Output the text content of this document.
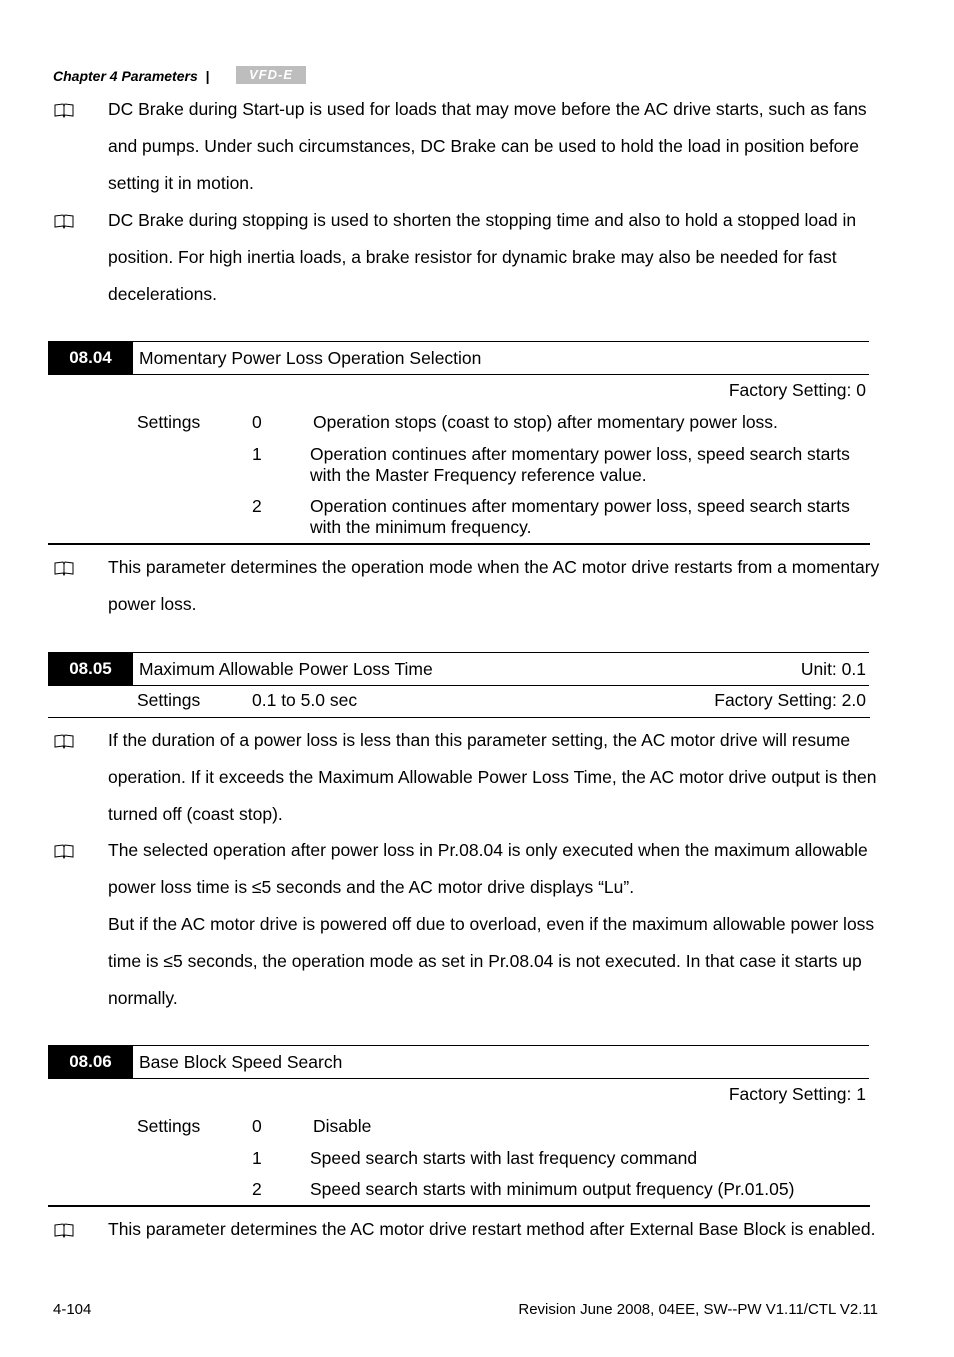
Chapter 4 Parameters |	VFD-E
DC Brake during Start-up is used for loads that may move before the AC drive starts, such as fans and pumps. Under such circumstances, DC Brake can be used to hold the load in position before setting it in motion.
DC Brake during stopping is used to shorten the stopping time and also to hold a stopped load in position. For high inertia loads, a brake resistor for dynamic brake may also be needed for fast decelerations.
08.04	Momentary Power Loss Operation Selection
Factory Setting: 0
Settings	0	Operation stops (coast to stop) after momentary power loss.
1	Operation continues after momentary power loss, speed search starts with the Master Frequency reference value.
2	Operation continues after momentary power loss, speed search starts with the minimum frequency.
This parameter determines the operation mode when the AC motor drive restarts from a momentary power loss.
08.05	Maximum Allowable Power Loss Time	Unit: 0.1
Settings	0.1 to 5.0 sec	Factory Setting: 2.0
If the duration of a power loss is less than this parameter setting, the AC motor drive will resume operation. If it exceeds the Maximum Allowable Power Loss Time, the AC motor drive output is then turned off (coast stop).
The selected operation after power loss in Pr.08.04 is only executed when the maximum allowable power loss time is ≤5 seconds and the AC motor drive displays “Lu”.
But if the AC motor drive is powered off due to overload, even if the maximum allowable power loss time is ≤5 seconds, the operation mode as set in Pr.08.04 is not executed. In that case it starts up normally.
08.06	Base Block Speed Search
Factory Setting: 1
Settings	0	Disable
1	Speed search starts with last frequency command
2	Speed search starts with minimum output frequency (Pr.01.05)
This parameter determines the AC motor drive restart method after External Base Block is enabled.
4-104	Revision June 2008, 04EE, SW--PW V1.11/CTL V2.11
